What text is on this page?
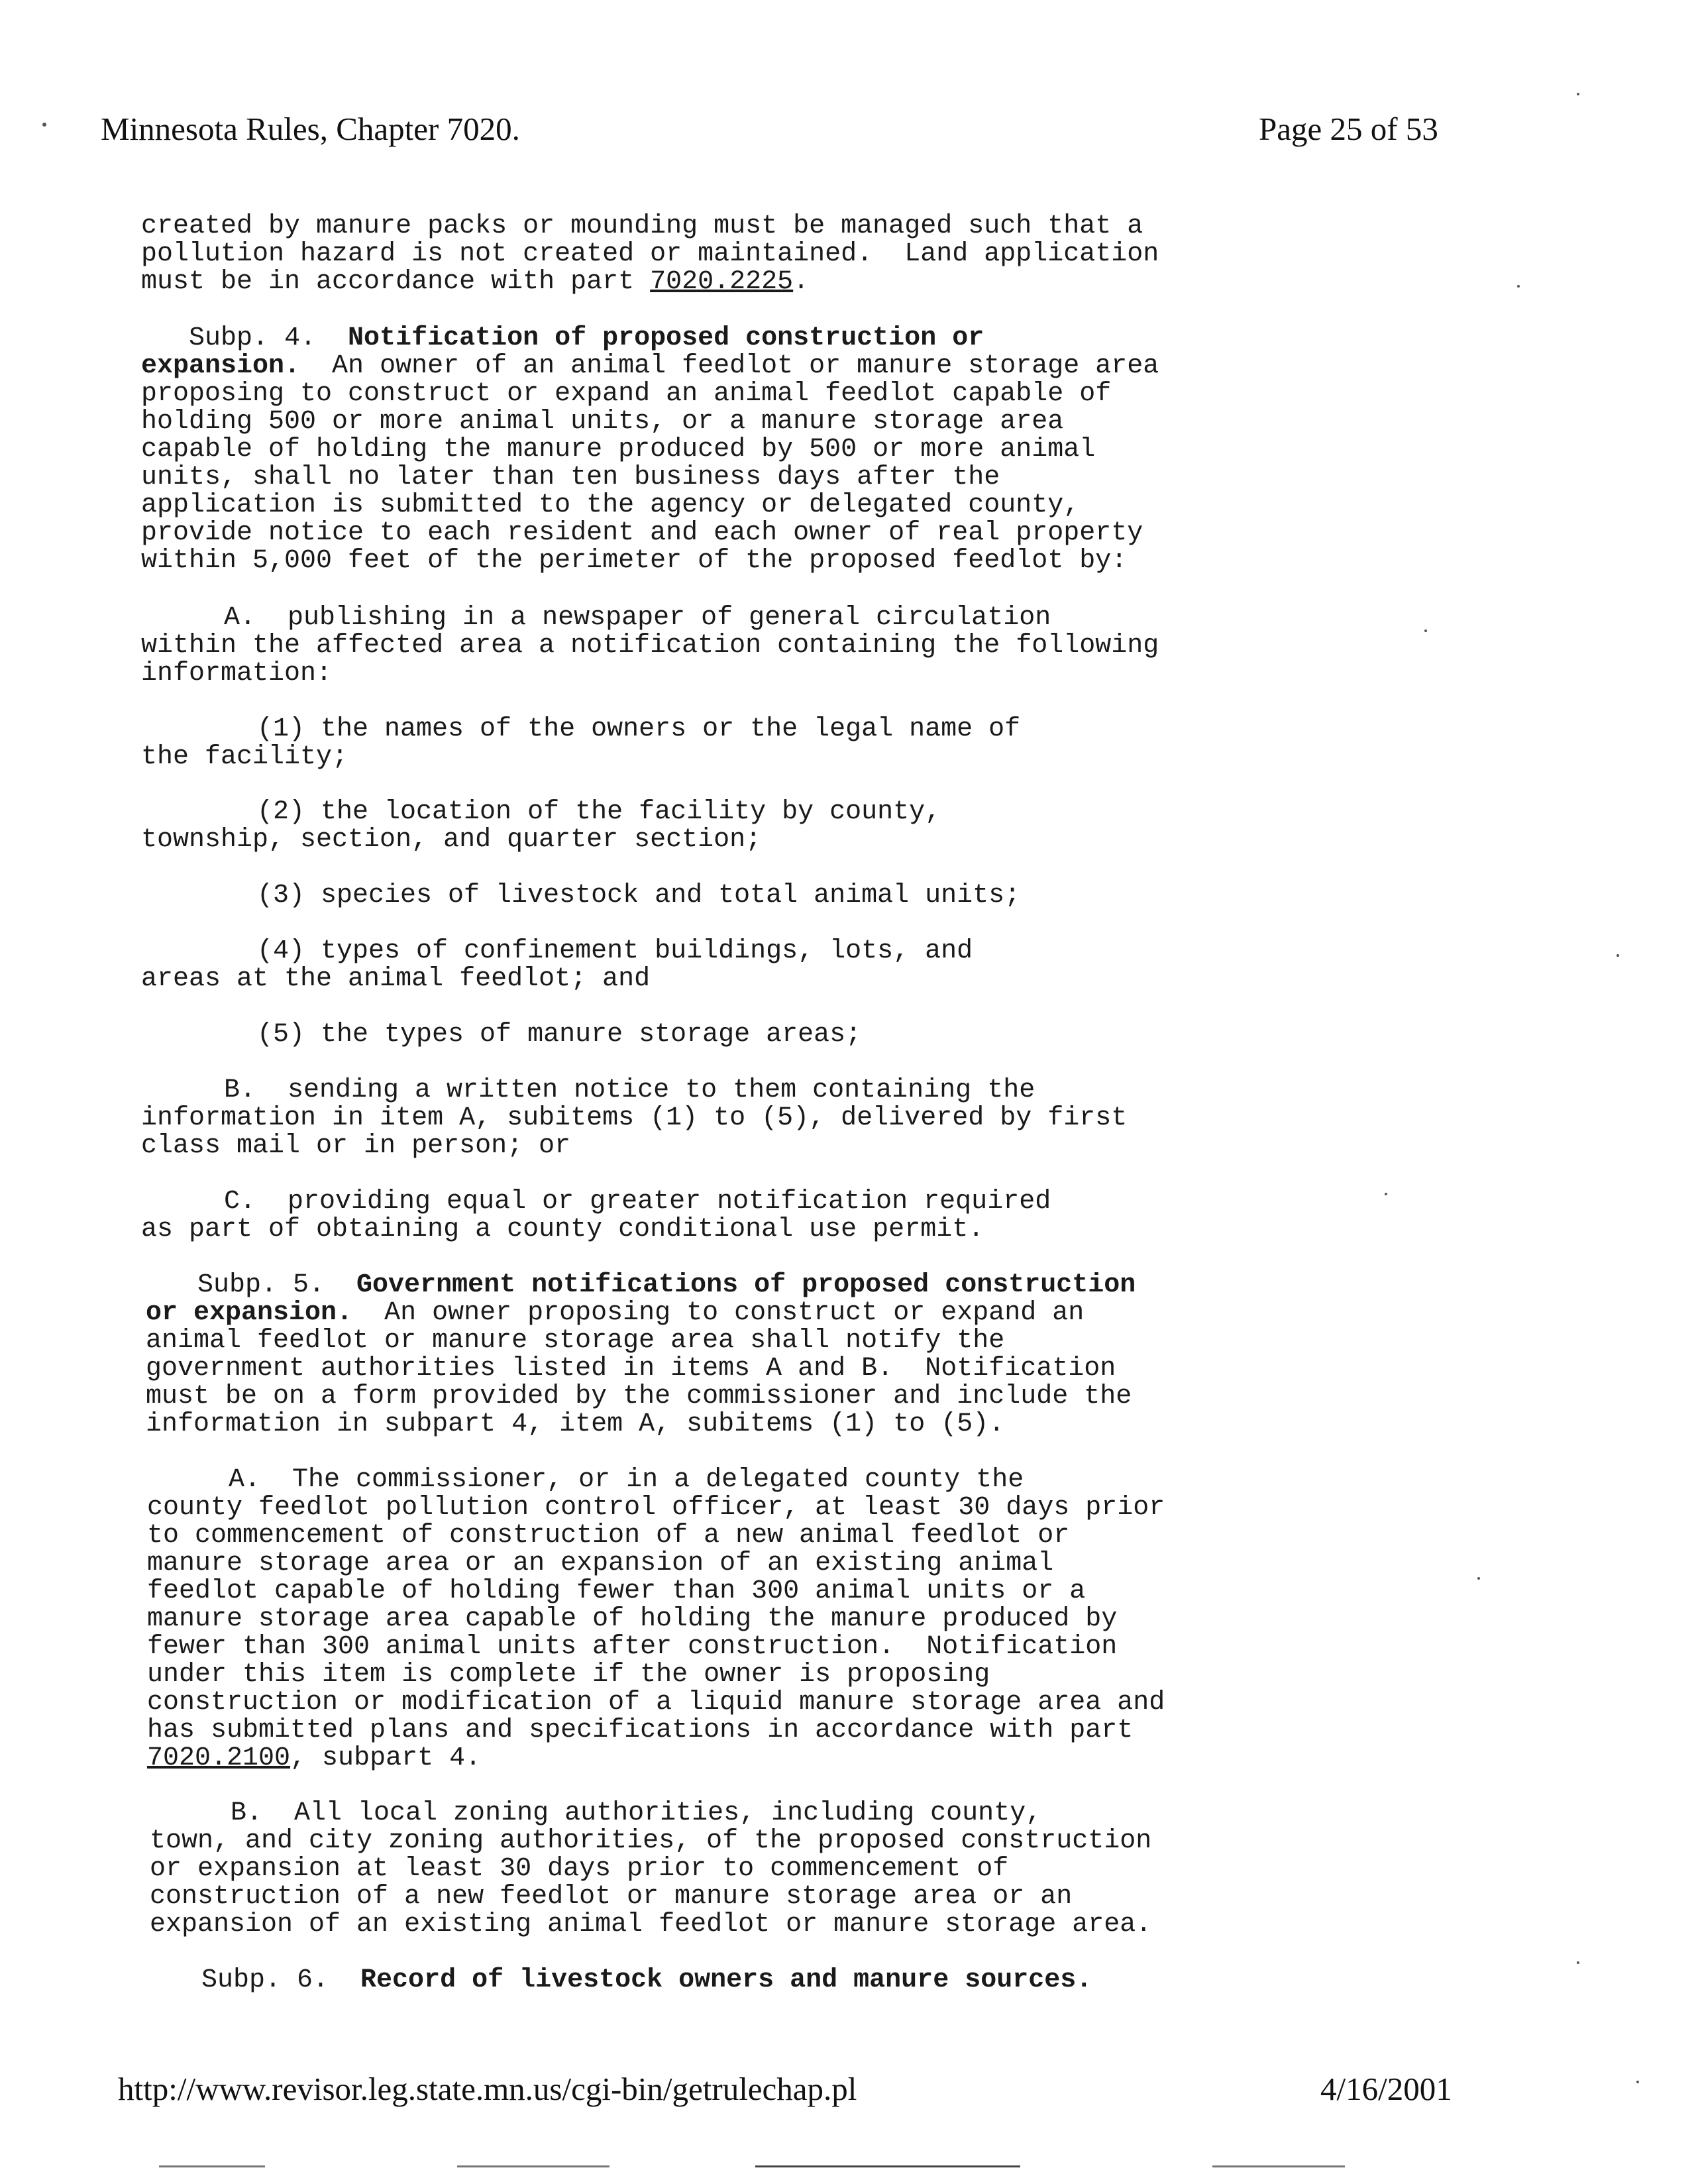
Minnesota Rules, Chapter 7020.	Page 25 of 53
created by manure packs or mounding must be managed such that a
pollution hazard is not created or maintained.  Land application
must be in accordance with part 7020.2225.
Subp. 4.  Notification of proposed construction or
expansion.  An owner of an animal feedlot or manure storage area
proposing to construct or expand an animal feedlot capable of
holding 500 or more animal units, or a manure storage area
capable of holding the manure produced by 500 or more animal
units, shall no later than ten business days after the
application is submitted to the agency or delegated county,
provide notice to each resident and each owner of real property
within 5,000 feet of the perimeter of the proposed feedlot by:
A.  publishing in a newspaper of general circulation
within the affected area a notification containing the following
information:
(1) the names of the owners or the legal name of
the facility;
(2) the location of the facility by county,
township, section, and quarter section;
(3) species of livestock and total animal units;
(4) types of confinement buildings, lots, and
areas at the animal feedlot; and
(5) the types of manure storage areas;
B.  sending a written notice to them containing the
information in item A, subitems (1) to (5), delivered by first
class mail or in person; or
C.  providing equal or greater notification required
as part of obtaining a county conditional use permit.
Subp. 5.  Government notifications of proposed construction
or expansion.  An owner proposing to construct or expand an
animal feedlot or manure storage area shall notify the
government authorities listed in items A and B.  Notification
must be on a form provided by the commissioner and include the
information in subpart 4, item A, subitems (1) to (5).
A.  The commissioner, or in a delegated county the
county feedlot pollution control officer, at least 30 days prior
to commencement of construction of a new animal feedlot or
manure storage area or an expansion of an existing animal
feedlot capable of holding fewer than 300 animal units or a
manure storage area capable of holding the manure produced by
fewer than 300 animal units after construction.  Notification
under this item is complete if the owner is proposing
construction or modification of a liquid manure storage area and
has submitted plans and specifications in accordance with part
7020.2100, subpart 4.
B.  All local zoning authorities, including county,
town, and city zoning authorities, of the proposed construction
or expansion at least 30 days prior to commencement of
construction of a new feedlot or manure storage area or an
expansion of an existing animal feedlot or manure storage area.
Subp. 6.  Record of livestock owners and manure sources.
http://www.revisor.leg.state.mn.us/cgi-bin/getrulechap.pl	4/16/2001
